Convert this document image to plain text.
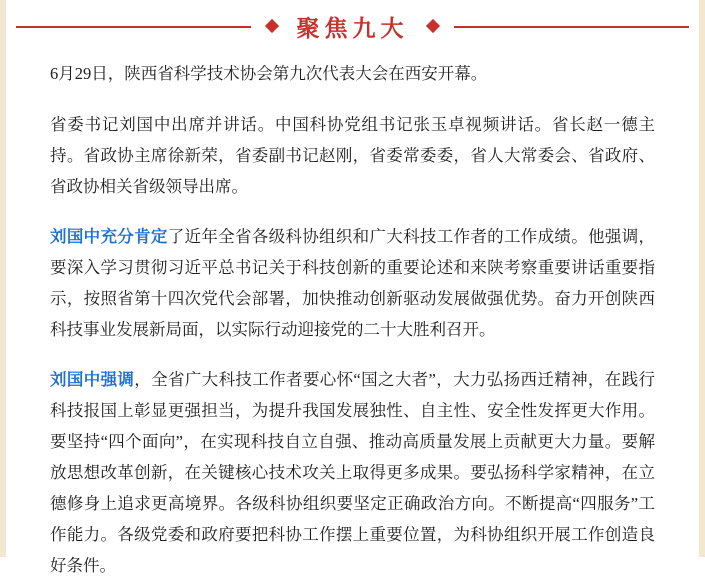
聚焦九大

6月29日，陕西省科学技术协会第九次代表大会在西安开幕。

省委书记刘国中出席并讲话。中国科协党组书记张玉卓视频讲话。省长赵一德主持。省政协主席徐新荣，省委副书记赵刚，省委常委委，省人大常委会、省政府、省政协相关省级领导出席。

刘国中充分肯定了近年全省各级科协组织和广大科技工作者的工作成绩。他强调，要深入学习贯彻习近平总书记关于科技创新的重要论述和来陕考察重要讲话重要指示，按照省第十四次党代会部署，加快推动创新驱动发展做强优势。奋力开创陕西科技事业发展新局面，以实际行动迎接党的二十大胜利召开。

刘国中强调，全省广大科技工作者要心怀“国之大者”，大力弘扬西迁精神，在践行科技报国上彰显更强担当，为提升我国发展独性、自主性、安全性发挥更大作用。要坚持“四个面向”，在实现科技自立自强、推动高质量发展上贡献更大力量。要解放思想改革创新，在关键核心技术攻关上取得更多成果。要弘扬科学家精神，在立德修身上追求更高境界。各级科协组织要坚定正确政治方向。不断提高“四服务”工作能力。各级党委和政府要把科协工作摆上重要位置，为科协组织开展工作创造良好条件。
